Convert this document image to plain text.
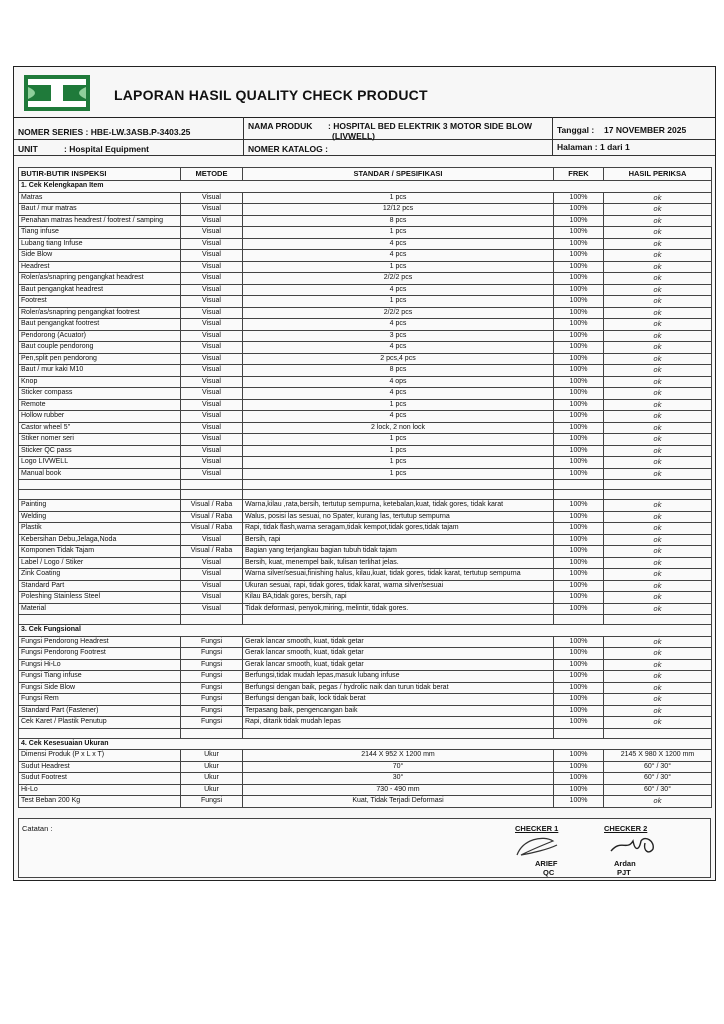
LAPORAN HASIL QUALITY CHECK PRODUCT
NOMER SERIES : HBE-LW.3ASB.P-3403.25
NAMA PRODUK : HOSPITAL BED ELEKTRIK 3 MOTOR SIDE BLOW
(LIVWELL)
Tanggal : 17 NOVEMBER 2025
UNIT	: Hospital Equipment	NOMER KATALOG :	Halaman : 1 dari 1
BUTIR-BUTIR INSPEKSI	METODE	STANDAR / SPESIFIKASI	FREK	HASIL PERIKSA
1. Cek Kelengkapan Item				
Matras	Visual	1 pcs	100%	ok
Baut / mur matras	Visual	12/12 pcs	100%	ok
Penahan matras headrest / footrest / samping	Visual	8 pcs	100%	ok
Tiang infuse	Visual	1 pcs	100%	ok
Lubang tiang Infuse	Visual	4 pcs	100%	ok
Side Blow	Visual	4 pcs	100%	ok
Headrest	Visual	1 pcs	100%	ok
Roler/as/snapring pengangkat headrest	Visual	2/2/2 pcs	100%	ok
Baut pengangkat headrest	Visual	4 pcs	100%	ok
Footrest	Visual	1 pcs	100%	ok
Roler/as/snapring pengangkat footrest	Visual	2/2/2 pcs	100%	ok
Baut pengangkat footrest	Visual	4 pcs	100%	ok
Pendorong (Acuator)	Visual	3 pcs	100%	ok
Baut couple pendorong	Visual	4 pcs	100%	ok
Pen,split pen pendorong	Visual	2 pcs,4 pcs	100%	ok
Baut / mur kaki M10	Visual	8 pcs	100%	ok
Knop	Visual	4 ops	100%	ok
Sticker compass	Visual	4 pcs	100%	ok
Remote	Visual	1 pcs	100%	ok
Hollow rubber	Visual	4 pcs	100%	ok
Castor wheel 5"	Visual	2 lock, 2 non lock	100%	ok
Stiker nomer seri	Visual	1 pcs	100%	ok
Sticker QC pass	Visual	1 pcs	100%	ok
Logo LIVWELL	Visual	1 pcs	100%	ok
Manual book	Visual	1 pcs	100%	ok

Painting	Visual / Raba	Warna,kilau ,rata,bersih, tertutup sempurna, ketebalan,kuat, tidak gores, tidak karat	100%	ok
Welding	Visual / Raba	Walus, posisi las sesuai, no Spater, kurang las, tertutup sempurna	100%	ok
Plastik	Visual / Raba	Rapi, tidak flash,warna seragam,tidak kempot,tidak gores,tidak tajam	100%	ok
Kebersihan Debu,Jelaga,Noda	Visual	Bersih, rapi	100%	ok
Komponen Tidak Tajam	Visual / Raba	Bagian yang terjangkau bagian tubuh tidak tajam	100%	ok
Label / Logo / Stiker	Visual	Bersih, kuat, menempel baik, tulisan terlihat jelas.	100%	ok
Zink Coating	Visual	Warna silver/sesuai,finishing halus, kilau,kuat, tidak gores, tidak karat, tertutup sempurna	100%	ok
Standard Part	Visual	Ukuran sesuai, rapi, tidak gores, tidak karat, warna silver/sesuai	100%	ok
Poleshing Stainless Steel	Visual	Kilau BA,tidak gores, bersih, rapi	100%	ok
Material	Visual	Tidak deformasi, penyok,miring, melintir, tidak gores.	100%	ok

3. Cek Fungsional				
Fungsi Pendorong Headrest	Fungsi	Gerak lancar smooth, kuat, tidak getar	100%	ok
Fungsi Pendorong Footrest	Fungsi	Gerak lancar smooth, kuat, tidak getar	100%	ok
Fungsi Hi-Lo	Fungsi	Gerak lancar smooth, kuat, tidak getar	100%	ok
Fungsi Tiang infuse	Fungsi	Berfungsi,tidak mudah lepas,masuk lubang infuse	100%	ok
Fungsi Side Blow	Fungsi	Berfungsi dengan baik, pegas / hydrolic naik dan turun tidak berat	100%	ok
Fungsi Rem	Fungsi	Berfungsi dengan baik, lock tidak berat	100%	ok
Standard Part (Fastener)	Fungsi	Terpasang baik, pengencangan baik	100%	ok
Cek Karet / Plastik Penutup	Fungsi	Rapi, ditarik tidak mudah lepas	100%	ok

4. Cek Kesesuaian Ukuran				
Dimensi Produk (P x L x T)	Ukur	2144 X 952 X 1200 mm	100%	2145 X 980 X 1200 mm
Sudut Headrest	Ukur	70°	100%	60° / 30°
Sudut Footrest	Ukur	30°	100%	60° / 30°
Hi-Lo	Ukur	730 - 490 mm	100%	60° / 30°
Test Beban 200 Kg	Fungsi	Kuat, Tidak Terjadi Deformasi	100%	ok
Catatan :	CHECKER 1
ARIEF
QC
CHECKER 2
Ardan
PJT
